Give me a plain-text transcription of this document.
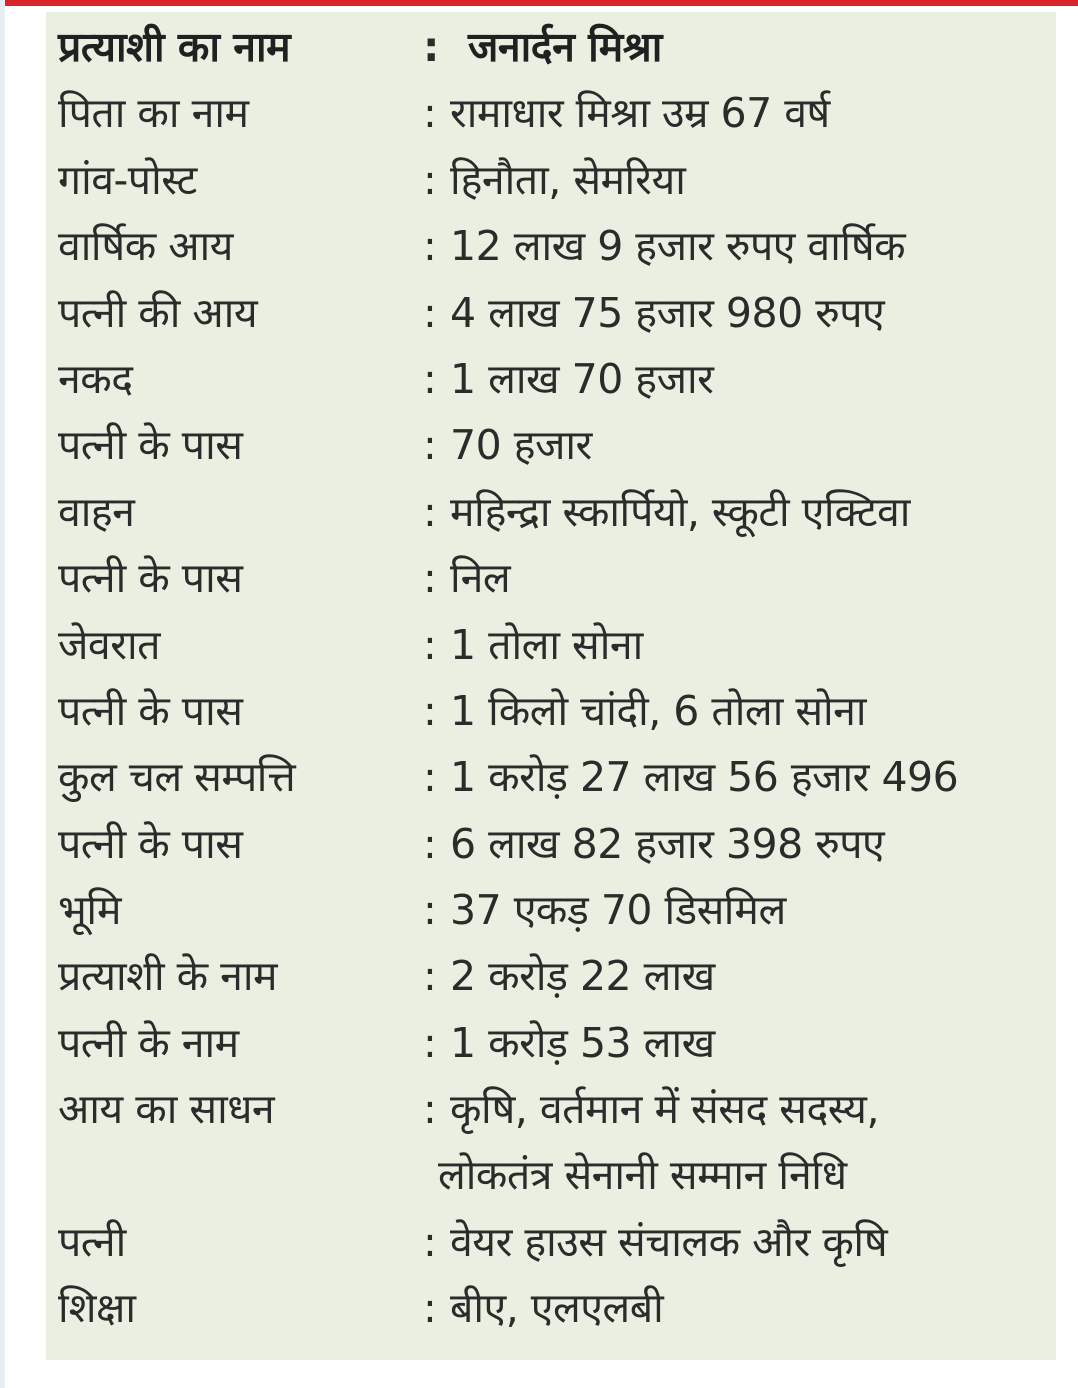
प्रत्याशी का नाम	: जनार्दन मिश्रा
पिता का नाम	: रामाधार मिश्रा उम्र 67 वर्ष
गांव-पोस्ट	: हिनौता, सेमरिया
वार्षिक आय	: 12 लाख 9 हजार रुपए वार्षिक
पत्नी की आय	: 4 लाख 75 हजार 980 रुपए
नकद	: 1 लाख 70 हजार
पत्नी के पास	: 70 हजार
वाहन	: महिन्द्रा स्कार्पियो, स्कूटी एक्टिवा
पत्नी के पास	: निल
जेवरात	: 1 तोला सोना
पत्नी के पास	: 1 किलो चांदी, 6 तोला सोना
कुल चल सम्पत्ति	: 1 करोड़ 27 लाख 56 हजार 496
पत्नी के पास	: 6 लाख 82 हजार 398 रुपए
भूमि	: 37 एकड़ 70 डिसमिल
प्रत्याशी के नाम	: 2 करोड़ 22 लाख
पत्नी के नाम	: 1 करोड़ 53 लाख
आय का साधन	: कृषि, वर्तमान में संसद सदस्य,
लोकतंत्र सेनानी सम्मान निधि
पत्नी	: वेयर हाउस संचालक और कृषि
शिक्षा	: बीए, एलएलबी
